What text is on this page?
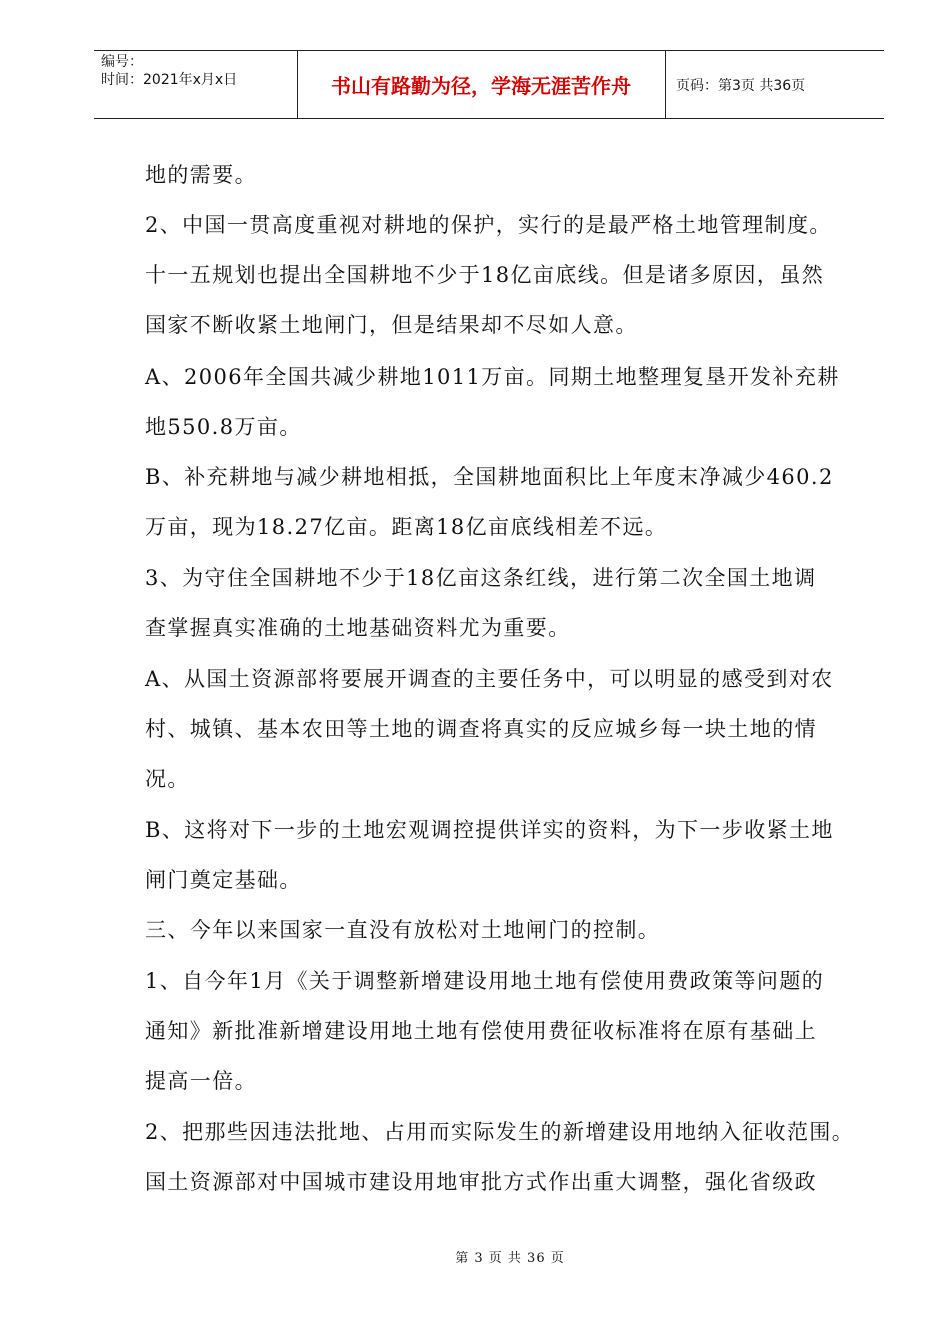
编号：
时间：2021年x月x日	书山有路勤为径，学海无涯苦作舟	页码：第3页 共36页
地的需要。
2、中国一贯高度重视对耕地的保护，实行的是最严格土地管理制度。
十一五规划也提出全国耕地不少于18亿亩底线。但是诸多原因，虽然
国家不断收紧土地闸门，但是结果却不尽如人意。
A、2006年全国共减少耕地1011万亩。同期土地整理复垦开发补充耕
地550.8万亩。
B、补充耕地与减少耕地相抵，全国耕地面积比上年度末净减少460.2
万亩，现为18.27亿亩。距离18亿亩底线相差不远。
3、为守住全国耕地不少于18亿亩这条红线，进行第二次全国土地调
查掌握真实准确的土地基础资料尤为重要。
A、从国土资源部将要展开调查的主要任务中，可以明显的感受到对农
村、城镇、基本农田等土地的调查将真实的反应城乡每一块土地的情
况。
B、这将对下一步的土地宏观调控提供详实的资料，为下一步收紧土地
闸门奠定基础。
三、今年以来国家一直没有放松对土地闸门的控制。
1、自今年1月《关于调整新增建设用地土地有偿使用费政策等问题的
通知》新批准新增建设用地土地有偿使用费征收标准将在原有基础上
提高一倍。
2、把那些因违法批地、占用而实际发生的新增建设用地纳入征收范围。
国土资源部对中国城市建设用地审批方式作出重大调整，强化省级政
第 3 页 共 36 页
